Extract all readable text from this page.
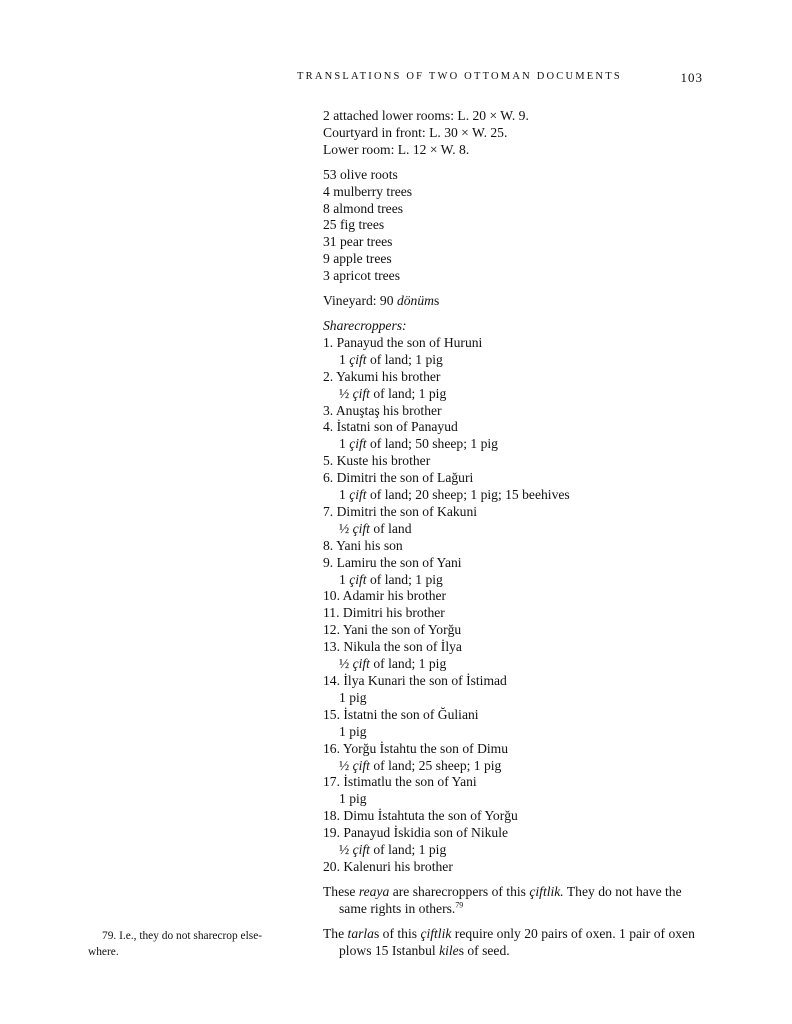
TRANSLATIONS OF TWO OTTOMAN DOCUMENTS	103
2 attached lower rooms: L. 20 × W. 9.
Courtyard in front: L. 30 × W. 25.
Lower room: L. 12 × W. 8.
53 olive roots
4 mulberry trees
8 almond trees
25 fig trees
31 pear trees
9 apple trees
3 apricot trees
Vineyard: 90 dönüms
Sharecroppers:
1. Panayud the son of Huruni
1 çift of land; 1 pig
2. Yakumi his brother
½ çift of land; 1 pig
3. Anuştaş his brother
4. İstatni son of Panayud
1 çift of land; 50 sheep; 1 pig
5. Kuste his brother
6. Dimitri the son of Lağuri
1 çift of land; 20 sheep; 1 pig; 15 beehives
7. Dimitri the son of Kakuni
½ çift of land
8. Yani his son
9. Lamiru the son of Yani
1 çift of land; 1 pig
10. Adamir his brother
11. Dimitri his brother
12. Yani the son of Yorğu
13. Nikula the son of İlya
½ çift of land; 1 pig
14. İlya Kunari the son of İstimad
1 pig
15. İstatni the son of Ğuliani
1 pig
16. Yorğu İstahtu the son of Dimu
½ çift of land; 25 sheep; 1 pig
17. İstimatlu the son of Yani
1 pig
18. Dimu İstahtuta the son of Yorğu
19. Panayud İskidia son of Nikule
½ çift of land; 1 pig
20. Kalenuri his brother

These reaya are sharecroppers of this çiftlik. They do not have the same rights in others.$^{79}$

The tarlas of this çiftlik require only 20 pairs of oxen. 1 pair of oxen plows 15 Istanbul kiles of seed.

79. I.e., they do not sharecrop else-
where.
